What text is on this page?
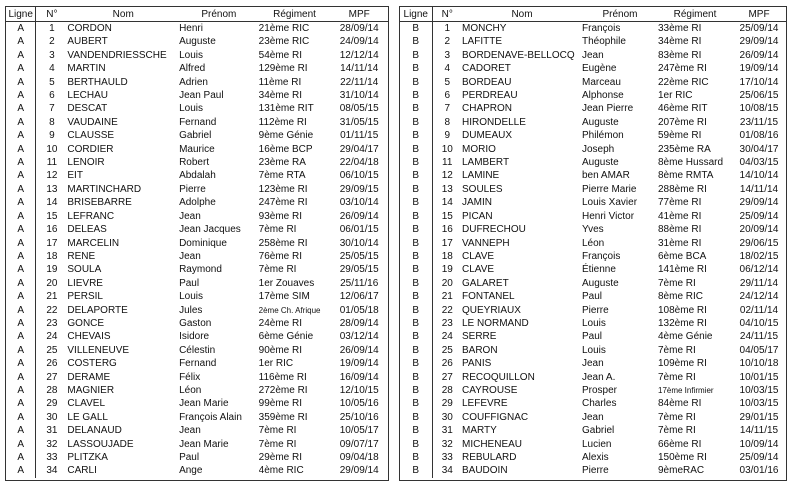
Ligne	N°	Nom	Prénom	Régiment	MPF
A	1	CORDON	Henri	21ème RIC	28/09/14
A	2	AUBERT	Auguste	23ème RIC	24/09/14
A	3	VANDENDRIESSCHE	Louis	54ème RI	12/12/14
A	4	MARTIN	Alfred	129ème RI	14/11/14
A	5	BERTHAULD	Adrien	11ème RI	22/11/14
A	6	LECHAU	Jean Paul	34ème RI	31/10/14
A	7	DESCAT	Louis	131ème RIT	08/05/15
A	8	VAUDAINE	Fernand	112ème RI	31/05/15
A	9	CLAUSSE	Gabriel	9ème Génie	01/11/15
A	10	CORDIER	Maurice	16ème BCP	29/04/17
A	11	LENOIR	Robert	23ème RA	22/04/18
A	12	EIT	Abdalah	7ème RTA	06/10/15
A	13	MARTINCHARD	Pierre	123ème RI	29/09/15
A	14	BRISEBARRE	Adolphe	247ème RI	03/10/14
A	15	LEFRANC	Jean	93ème RI	26/09/14
A	16	DELEAS	Jean Jacques	7ème RI	06/01/15
A	17	MARCELIN	Dominique	258ème RI	30/10/14
A	18	RENE	Jean	76ème RI	25/05/15
A	19	SOULA	Raymond	7ème RI	29/05/15
A	20	LIEVRE	Paul	1er Zouaves	25/11/16
A	21	PERSIL	Louis	17ème SIM	12/06/17
A	22	DELAPORTE	Jules	2ème Ch. Afrique	01/05/18
A	23	GONCE	Gaston	24ème RI	28/09/14
A	24	CHEVAIS	Isidore	6ème Génie	03/12/14
A	25	VILLENEUVE	Célestin	90ème RI	26/09/14
A	26	COSTERG	Fernand	1er RIC	19/09/14
A	27	DERAME	Félix	116ème RI	16/09/14
A	28	MAGNIER	Léon	272ème RI	12/10/15
A	29	CLAVEL	Jean Marie	99ème RI	10/05/16
A	30	LE GALL	François Alain	359ème RI	25/10/16
A	31	DELANAUD	Jean	7ème RI	10/05/17
A	32	LASSOUJADE	Jean Marie	7ème RI	09/07/17
A	33	PLITZKA	Paul	29ème RI	09/04/18
A	34	CARLI	Ange	4ème RIC	29/09/14
Ligne	N°	Nom	Prénom	Régiment	MPF
B	1	MONCHY	François	33ème RI	25/09/14
B	2	LAFITTE	Théophile	34ème RI	29/09/14
B	3	BORDENAVE-BELLOCQ	Jean	83ème RI	26/09/14
B	4	CADORET	Eugène	247ème RI	19/09/14
B	5	BORDEAU	Marceau	22ème RIC	17/10/14
B	6	PERDREAU	Alphonse	1er RIC	25/06/15
B	7	CHAPRON	Jean Pierre	46ème RIT	10/08/15
B	8	HIRONDELLE	Auguste	207ème RI	23/11/15
B	9	DUMEAUX	Philémon	59ème RI	01/08/16
B	10	MORIO	Joseph	235ème RA	30/04/17
B	11	LAMBERT	Auguste	8ème Hussard	04/03/15
B	12	LAMINE	ben AMAR	8ème RMTA	14/10/14
B	13	SOULES	Pierre Marie	288ème RI	14/11/14
B	14	JAMIN	Louis Xavier	77ème RI	29/09/14
B	15	PICAN	Henri Victor	41ème RI	25/09/14
B	16	DUFRECHOU	Yves	88ème RI	20/09/14
B	17	VANNEPH	Léon	31ème RI	29/06/15
B	18	CLAVE	François	6ème BCA	18/02/15
B	19	CLAVE	Étienne	141ème RI	06/12/14
B	20	GALARET	Auguste	7ème RI	29/11/14
B	21	FONTANEL	Paul	8ème RIC	24/12/14
B	22	QUEYRIAUX	Pierre	108ème RI	02/11/14
B	23	LE NORMAND	Louis	132ème RI	04/10/15
B	24	SERRE	Paul	4ème Génie	24/11/15
B	25	BARON	Louis	7ème RI	04/05/17
B	26	PANIS	Jean	109ème RI	10/10/18
B	27	RECOQUILLON	Jean A.	7ème RI	10/01/15
B	28	CAYROUSE	Prosper	17ème Infirmier	10/03/15
B	29	LEFEVRE	Charles	84ème RI	10/03/15
B	30	COUFFIGNAC	Jean	7ème RI	29/01/15
B	31	MARTY	Gabriel	7ème RI	14/11/15
B	32	MICHENEAU	Lucien	66ème RI	10/09/14
B	33	REBULARD	Alexis	150ème RI	25/09/14
B	34	BAUDOIN	Pierre	9èmeRAC	03/01/16
